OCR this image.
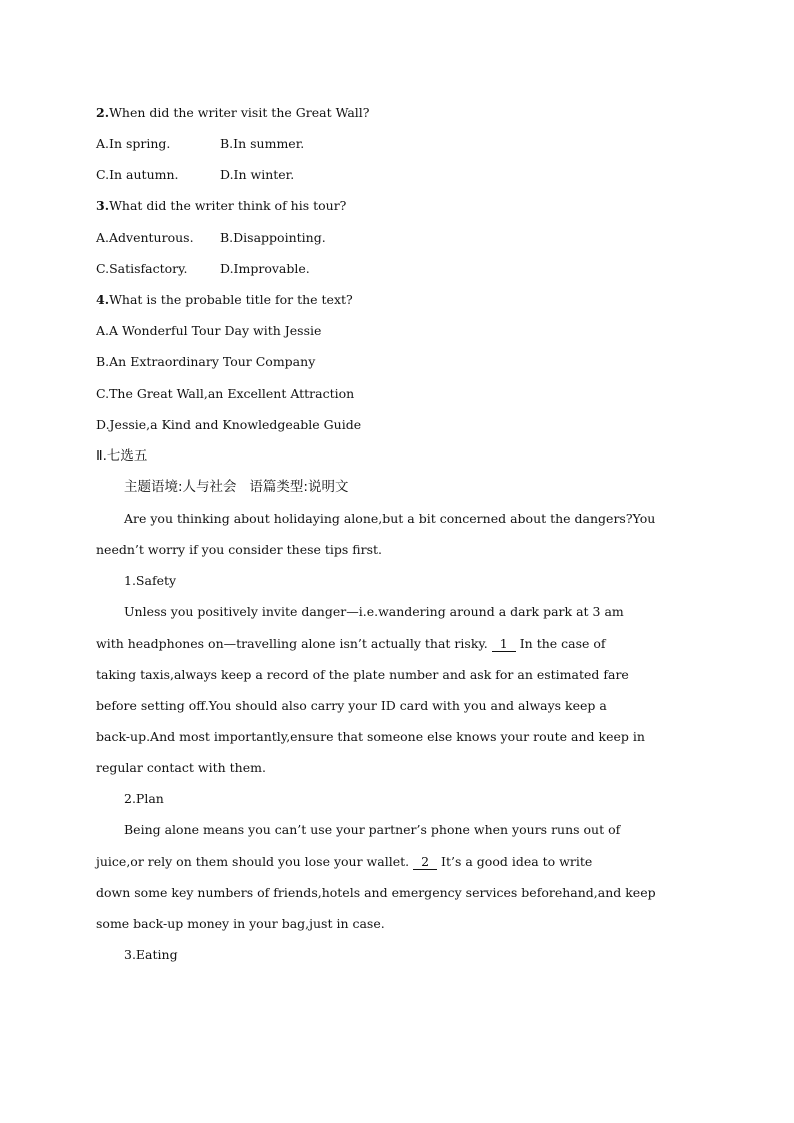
2.When did the writer visit the Great Wall?
A.In spring.	B.In summer.
C.In autumn.	D.In winter.
3.What did the writer think of his tour?
A.Adventurous. B.Disappointing.
C.Satisfactory.	D.Improvable.
4.What is the probable title for the text?
A.A Wonderful Tour Day with Jessie
B.An Extraordinary Tour Company
C.The Great Wall,an Excellent Attraction
D.Jessie,a Kind and Knowledgeable Guide
Ⅱ.七选五
主题语境:人与社会   语篇类型:说明文
Are you thinking about holidaying alone,but a bit concerned about the dangers?You
needn’t worry if you consider these tips first.
1.Safety
Unless you positively invite danger—i.e.wandering around a dark park at 3 am
with headphones on—travelling alone isn’t actually that risky. 1 In the case of
taking taxis,always keep a record of the plate number and ask for an estimated fare
before setting off.You should also carry your ID card with you and always keep a
back-up.And most importantly,ensure that someone else knows your route and keep in
regular contact with them.
2.Plan
Being alone means you can’t use your partner’s phone when yours runs out of
juice,or rely on them should you lose your wallet. 2 It’s a good idea to write
down some key numbers of friends,hotels and emergency services beforehand,and keep
some back-up money in your bag,just in case.
3.Eating
